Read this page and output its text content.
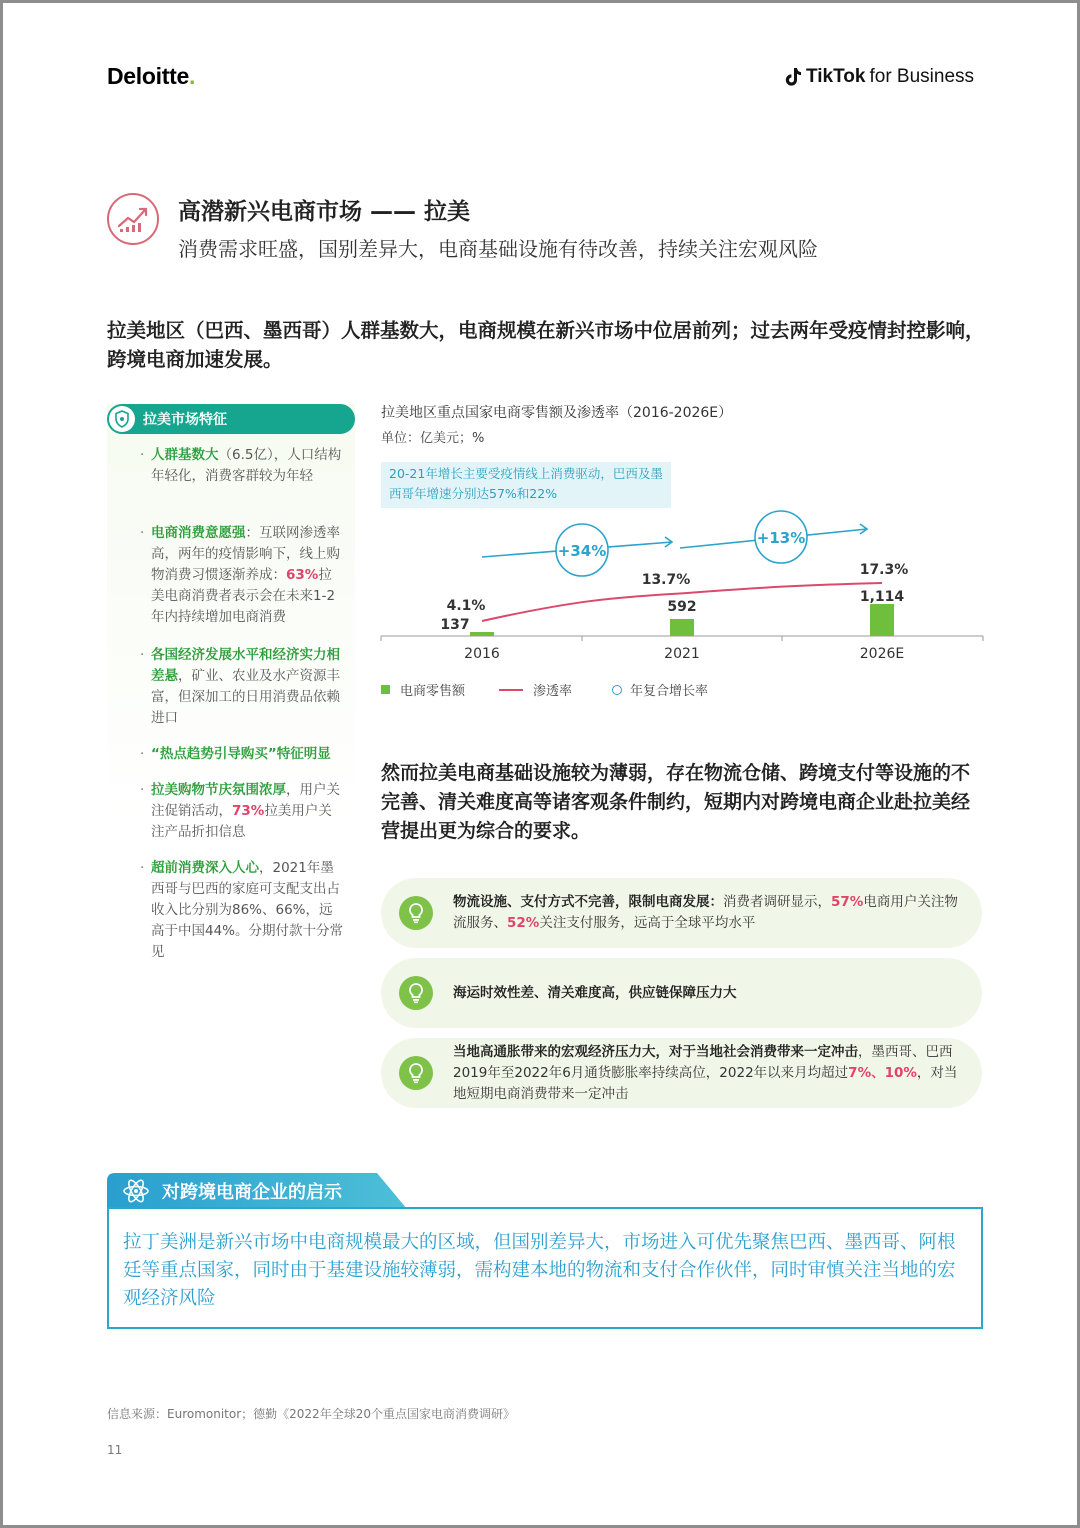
Deloitte.	TikTok for Business
高潜新兴电商市场 —— 拉美
消费需求旺盛，国别差异大，电商基础设施有待改善，持续关注宏观风险
拉美地区（巴西、墨西哥）人群基数大，电商规模在新兴市场中位居前列；过去两年受疫情封控影响，跨境电商加速发展。
拉美市场特征
· 人群基数大（6.5亿），人口结构年轻化，消费客群较为年轻
· 电商消费意愿强：互联网渗透率高，两年的疫情影响下，线上购物消费习惯逐渐养成：63%拉美电商消费者表示会在未来1-2年内持续增加电商消费
· 各国经济发展水平和经济实力相差悬，矿业、农业及水产资源丰富，但深加工的日用消费品依赖进口
· “热点趋势引导购买”特征明显
· 拉美购物节庆氛围浓厚，用户关注促销活动，73%拉美用户关注产品折扣信息
· 超前消费深入人心，2021年墨西哥与巴西的家庭可支配支出占收入比分别为86%、66%，远高于中国44%。分期付款十分常见
拉美地区重点国家电商零售额及渗透率（2016-2026E）
单位：亿美元；%
20-21年增长主要受疫情线上消费驱动，巴西及墨西哥年增速分别达57%和22%
137
592
1,114
4.1%
13.7%
17.3%
2016	2021	2026E
+34%
+13%
电商零售额	渗透率	年复合增长率
然而拉美电商基础设施较为薄弱，存在物流仓储、跨境支付等设施的不完善、清关难度高等诸客观条件制约，短期内对跨境电商企业赴拉美经营提出更为综合的要求。
物流设施、支付方式不完善，限制电商发展：消费者调研显示，57%电商用户关注物流服务、52%关注支付服务，远高于全球平均水平
海运时效性差、清关难度高，供应链保障压力大
当地高通胀带来的宏观经济压力大，对于当地社会消费带来一定冲击，墨西哥、巴西2019年至2022年6月通货膨胀率持续高位，2022年以来月均超过7%、10%，对当地短期电商消费带来一定冲击
对跨境电商企业的启示
拉丁美洲是新兴市场中电商规模最大的区域，但国别差异大，市场进入可优先聚焦巴西、墨西哥、阿根廷等重点国家，同时由于基建设施较薄弱，需构建本地的物流和支付合作伙伴，同时审慎关注当地的宏观经济风险
信息来源：Euromonitor；德勤《2022年全球20个重点国家电商消费调研》
11
